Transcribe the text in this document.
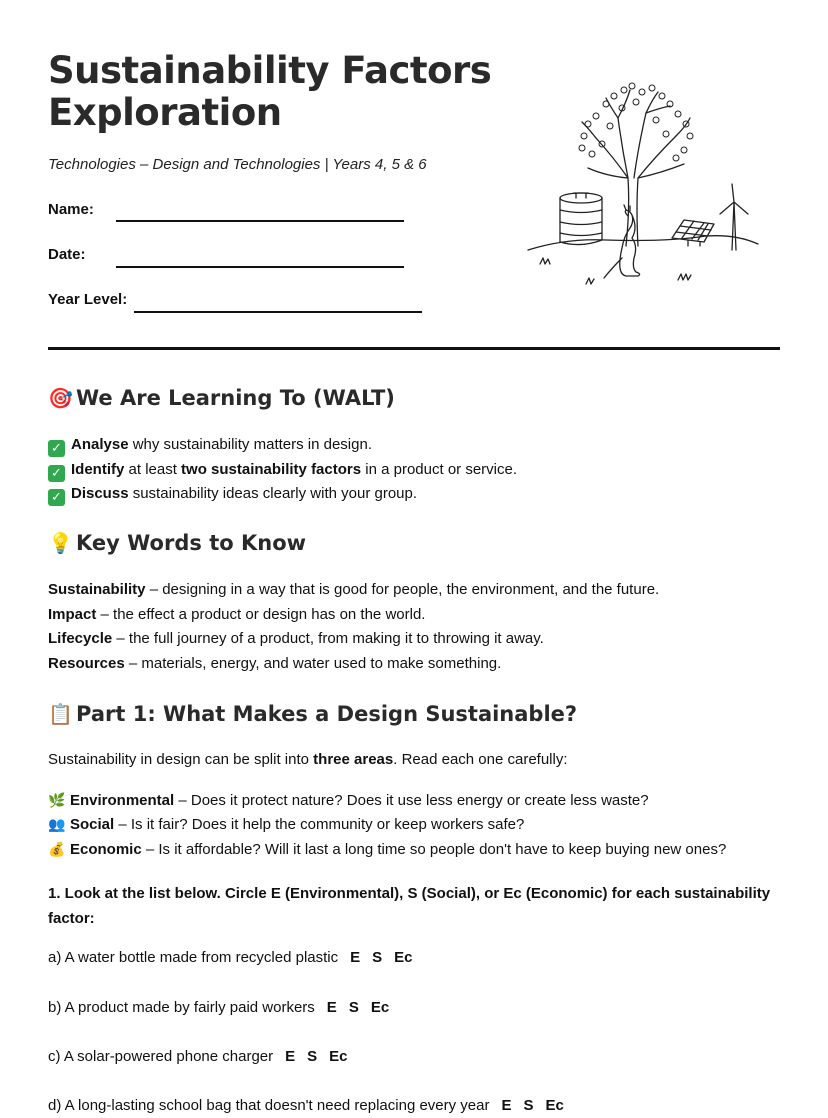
Sustainability Factors Exploration
Technologies – Design and Technologies | Years 4, 5 & 6
Name:
Date:
Year Level:
🎯 We Are Learning To (WALT)
✓ Analyse why sustainability matters in design.
✓ Identify at least two sustainability factors in a product or service.
✓ Discuss sustainability ideas clearly with your group.
💡 Key Words to Know
Sustainability – designing in a way that is good for people, the environment, and the future.
Impact – the effect a product or design has on the world.
Lifecycle – the full journey of a product, from making it to throwing it away.
Resources – materials, energy, and water used to make something.
📋 Part 1: What Makes a Design Sustainable?
Sustainability in design can be split into three areas. Read each one carefully:
🌿 Environmental – Does it protect nature? Does it use less energy or create less waste?
👥 Social – Is it fair? Does it help the community or keep workers safe?
💰 Economic – Is it affordable? Will it last a long time so people don't have to keep buying new ones?
1. Look at the list below. Circle E (Environmental), S (Social), or Ec (Economic) for each sustainability factor:
a) A water bottle made from recycled plastic E S Ec
b) A product made by fairly paid workers E S Ec
c) A solar-powered phone charger E S Ec
d) A long-lasting school bag that doesn't need replacing every year E S Ec
